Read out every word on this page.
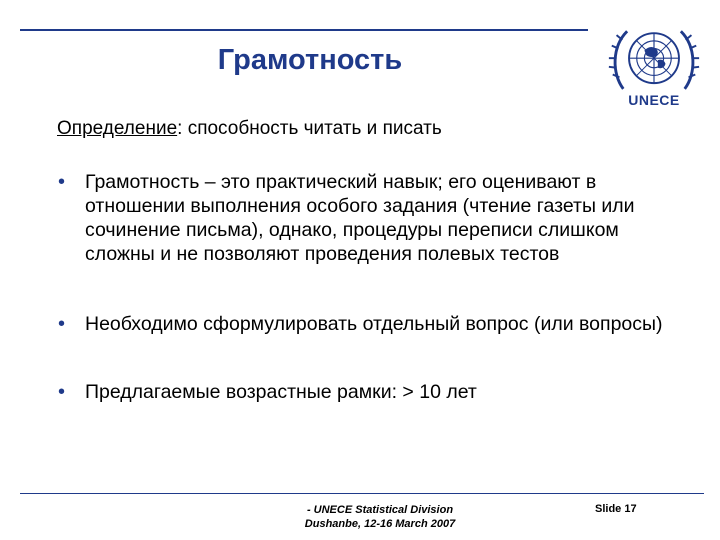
Грамотность
UNECE
Определение: способность читать и писать
• Грамотность – это практический навык; его оценивают в отношении выполнения особого задания (чтение газеты или сочинение письма), однако, процедуры переписи слишком сложны и не позволяют проведения полевых тестов
• Необходимо сформулировать отдельный вопрос (или вопросы)
• Предлагаемые возрастные рамки: > 10 лет
- UNECE Statistical Division
Dushanbe, 12-16 March 2007
Slide 17
